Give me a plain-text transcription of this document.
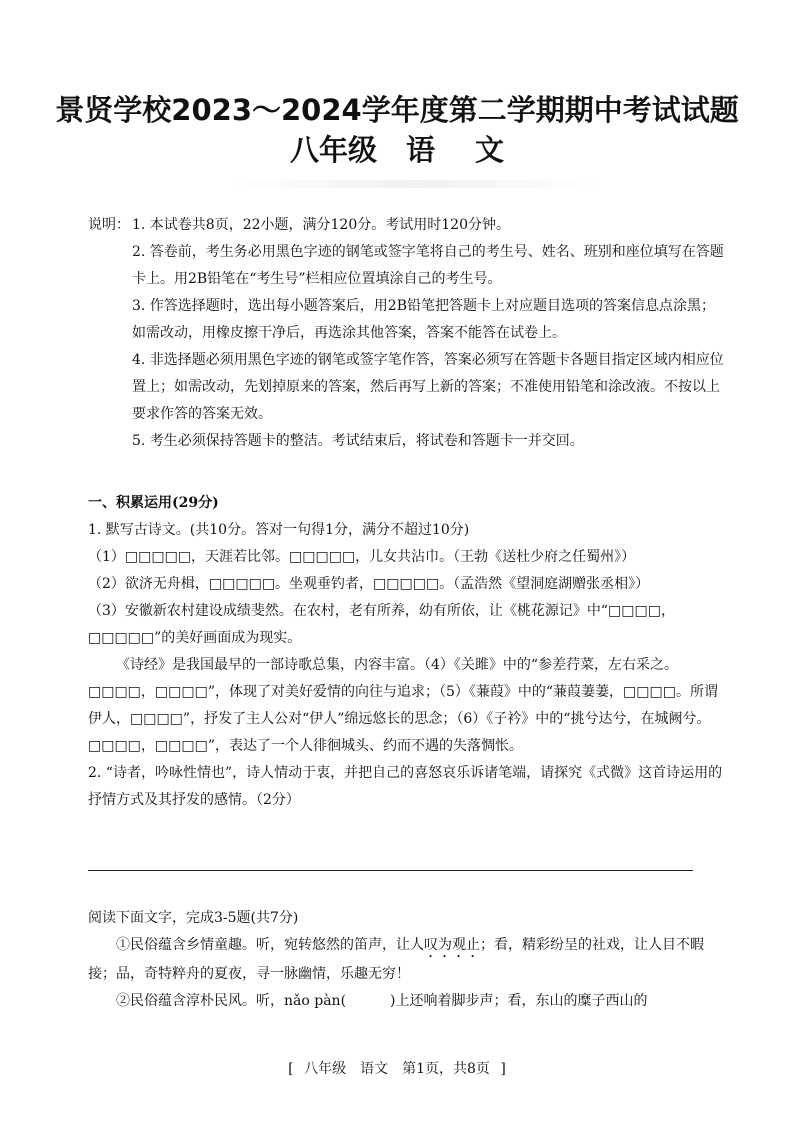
景贤学校2023～2024学年度第二学期期中考试试题
八年级　语 文
说明： 1. 本试卷共8页，22小题，满分120分。考试用时120分钟。

2. 答卷前，考生务必用黑色字迹的钢笔或签字笔将自己的考生号、姓名、班别和座位填写在答题卡上。用2B铅笔在“考生号”栏相应位置填涂自己的考生号。

3. 作答选择题时，选出每小题答案后，用2B铅笔把答题卡上对应题目选项的答案信息点涂黑；如需改动，用橡皮擦干净后，再选涂其他答案，答案不能答在试卷上。

4. 非选择题必须用黑色字迹的钢笔或签字笔作答，答案必须写在答题卡各题目指定区域内相应位置上；如需改动，先划掉原来的答案，然后再写上新的答案；不准使用铅笔和涂改液。不按以上要求作答的答案无效。

5. 考生必须保持答题卡的整洁。考试结束后，将试卷和答题卡一并交回。

一、积累运用(29分)

1. 默写古诗文。(共10分。答对一句得1分，满分不超过10分)

（1）□□□□□，天涯若比邻。□□□□□，儿女共沾巾。（王勃《送杜少府之任蜀州》）

（2）欲济无舟楫，□□□□□。坐观垂钓者，□□□□□。（孟浩然《望洞庭湖赠张丞相》）

（3）安徽新农村建设成绩斐然。在农村，老有所养，幼有所依，让《桃花源记》中“□□□□，□□□□□”的美好画面成为现实。

《诗经》是我国最早的一部诗歌总集，内容丰富。（4）《关雎》中的“参差荇菜，左右采之。□□□□，□□□□”，体现了对美好爱情的向往与追求；（5）《蒹葭》中的“蒹葭萋萋，□□□□。所谓伊人，□□□□”，抒发了主人公对“伊人”绵远悠长的思念；（6）《子衿》中的“挑兮达兮，在城阙兮。□□□□，□□□□”，表达了一个人徘徊城头、约而不遇的失落惆怅。

2. “诗者，吟咏性情也”，诗人情动于衷，并把自己的喜怒哀乐诉诸笔端，请探究《式微》这首诗运用的抒情方式及其抒发的感情。（2分）

阅读下面文字，完成3-5题(共7分)

①民俗蕴含乡情童趣。听，宛转悠然的笛声，让人叹为观止；看，精彩纷呈的社戏，让人目不暇接；品，奇特粹舟的夏夜，寻一脉幽情，乐趣无穷！

②民俗蕴含淳朴民风。听，nǎo pàn(	)上还响着脚步声；看，东山的糜子西山的

[ 八年级　语文　第1页，共8页 ]
